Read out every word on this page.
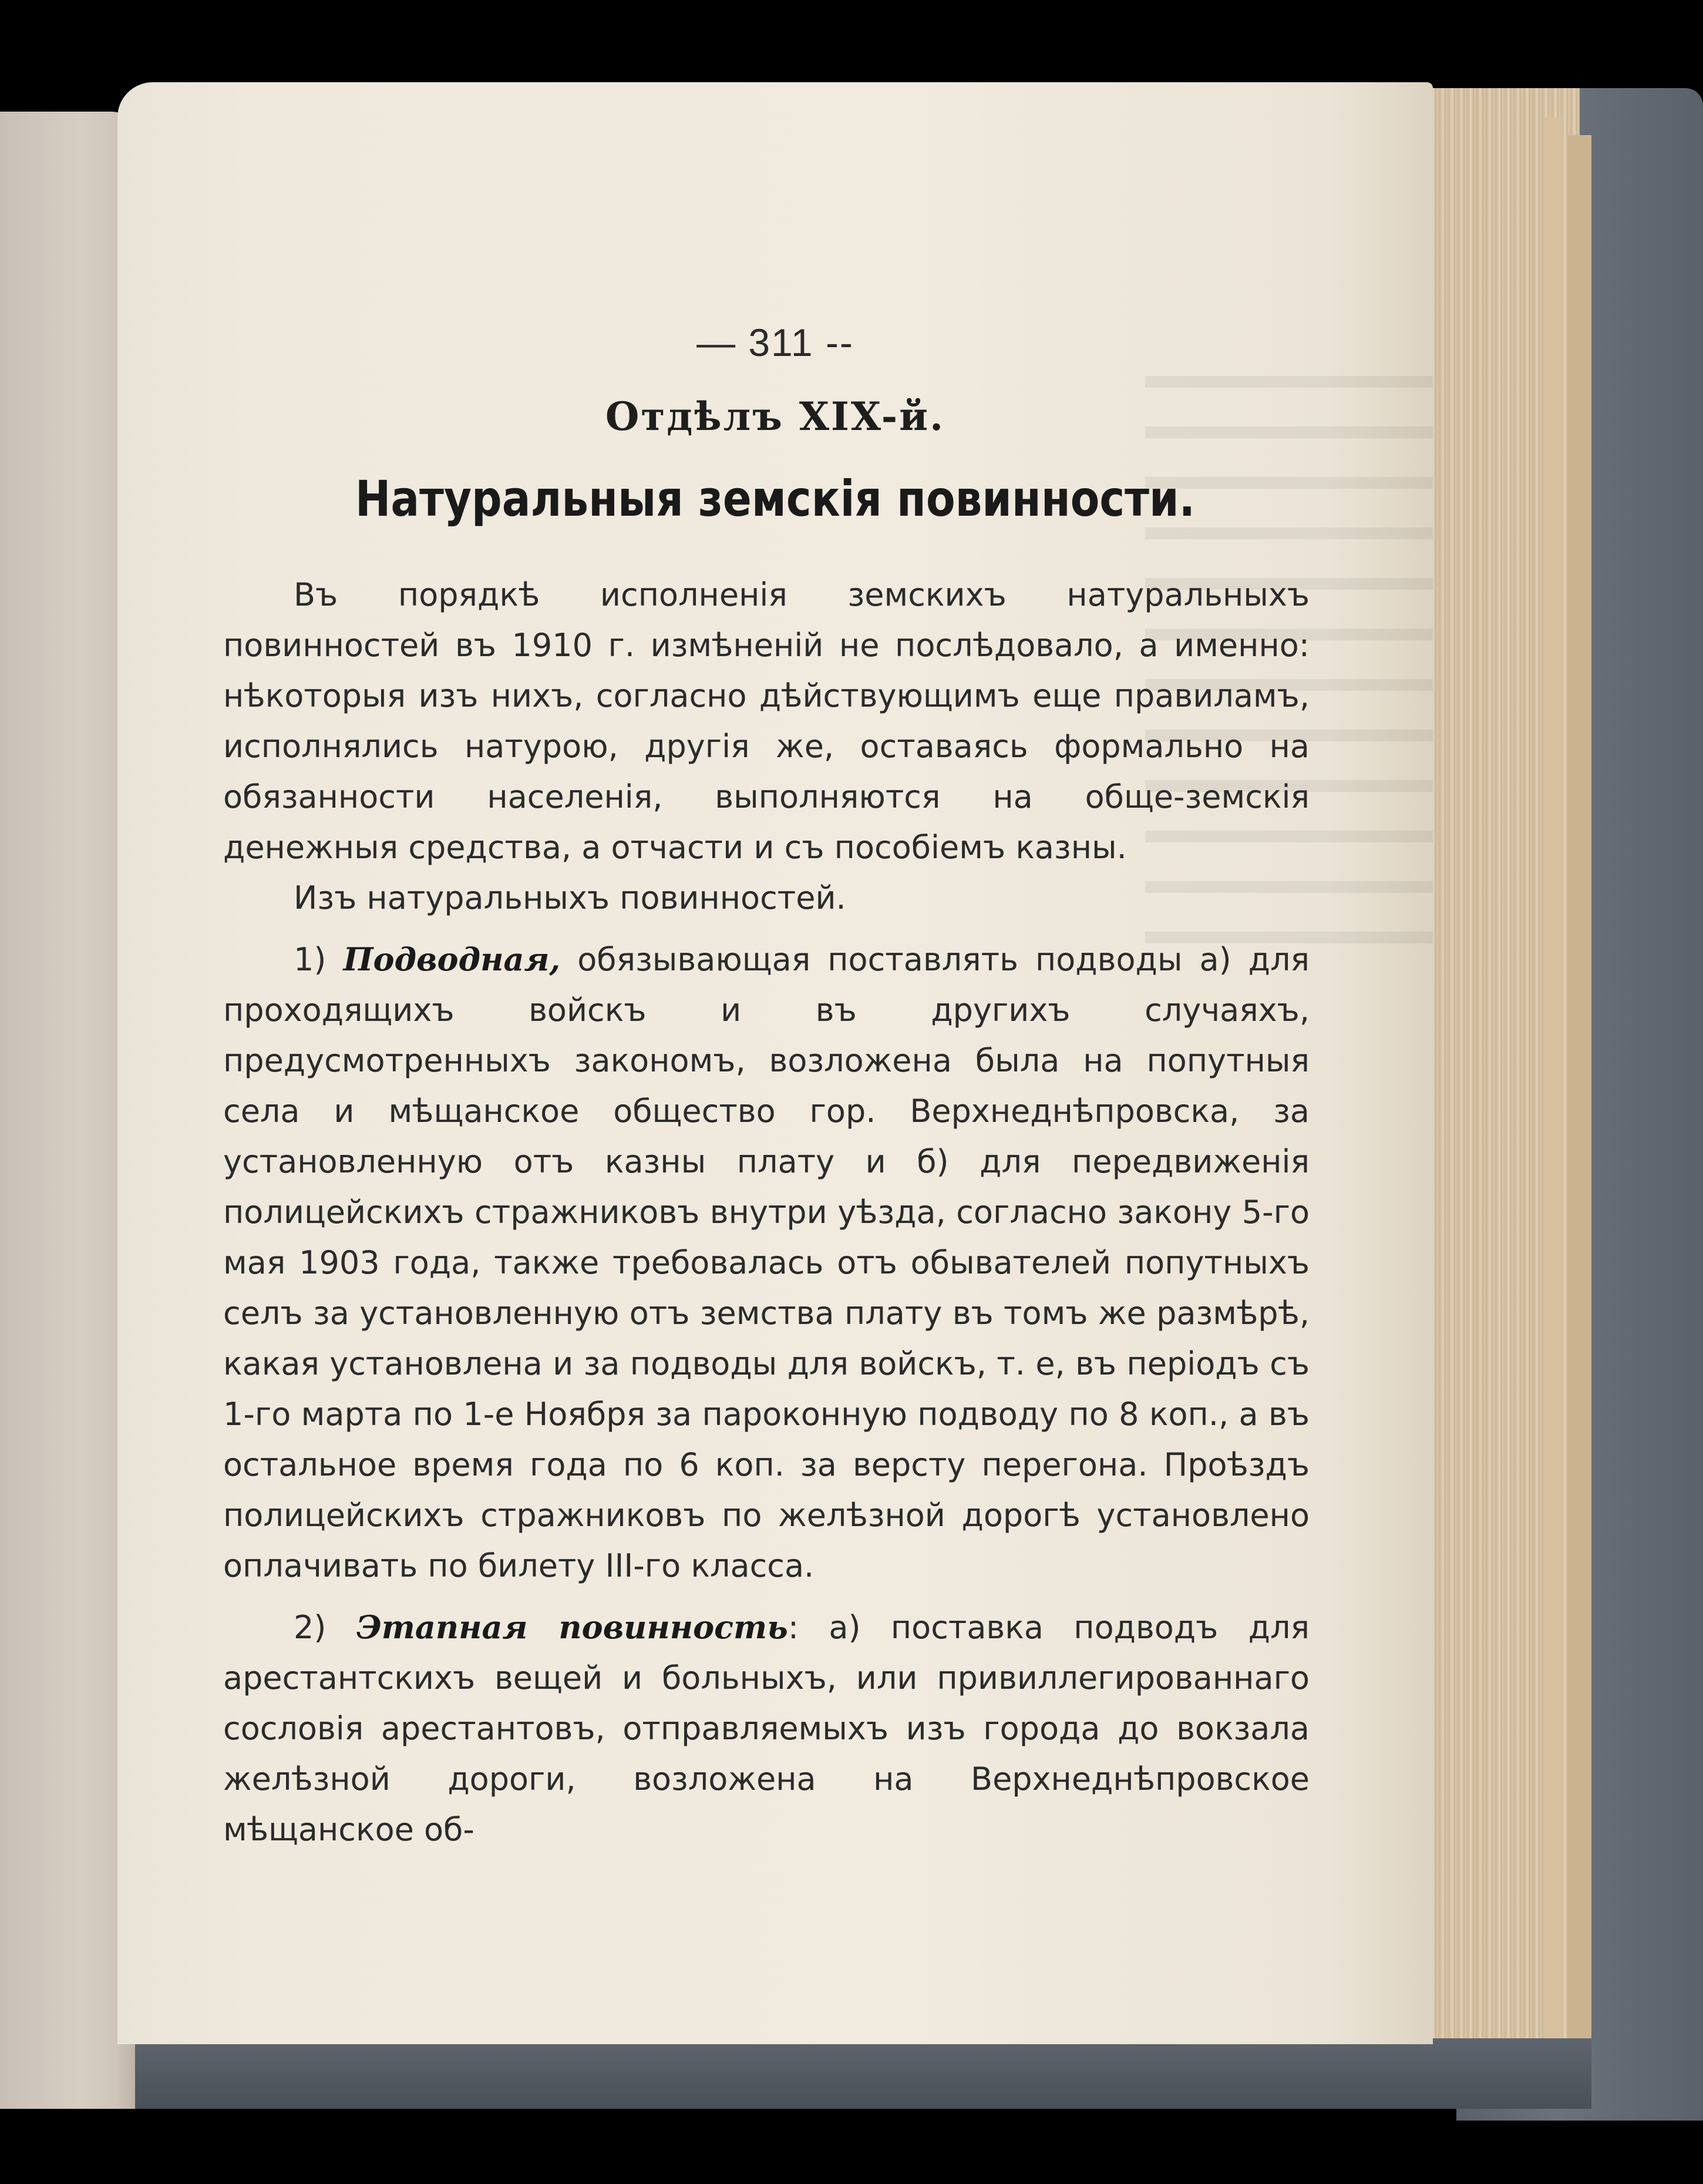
— 311 --
Отдѣлъ XIX-й.
Натуральныя земскія повинности.

Въ порядкѣ исполненія земскихъ натуральныхъ повинностей въ 1910 г. измѣненій не послѣдовало, а именно: нѣкоторыя изъ нихъ, согласно дѣйствующимъ еще правиламъ, исполнялись натурою, другія же, оставаясь формально на обязанности населенія, выполняются на обще-земскія денежныя средства, а отчасти и съ пособіемъ казны.

Изъ натуральныхъ повинностей.

1) Подводная, обязывающая поставлять подводы а) для проходящихъ войскъ и въ другихъ случаяхъ, предусмотренныхъ закономъ, возложена была на попутныя села и мѣщанское общество гор. Верхнеднѣпровска, за установленную отъ казны плату и б) для передвиженія полицейскихъ стражниковъ внутри уѣзда, согласно закону 5-го мая 1903 года, также требовалась отъ обывателей попутныхъ селъ за установленную отъ земства плату въ томъ же размѣрѣ, какая установлена и за подводы для войскъ, т. е, въ періодъ съ 1-го марта по 1-е Ноября за пароконную подводу по 8 коп., а въ остальное время года по 6 коп. за версту перегона. Проѣздъ полицейскихъ стражниковъ по желѣзной дорогѣ установлено оплачивать по билету III-го класса.

2) Этапная повинность: а) поставка подводъ для арестантскихъ вещей и больныхъ, или привиллегированнаго сословія арестантовъ, отправляемыхъ изъ города до вокзала желѣзной дороги, возложена на Верхнеднѣпровское мѣщанское об-
